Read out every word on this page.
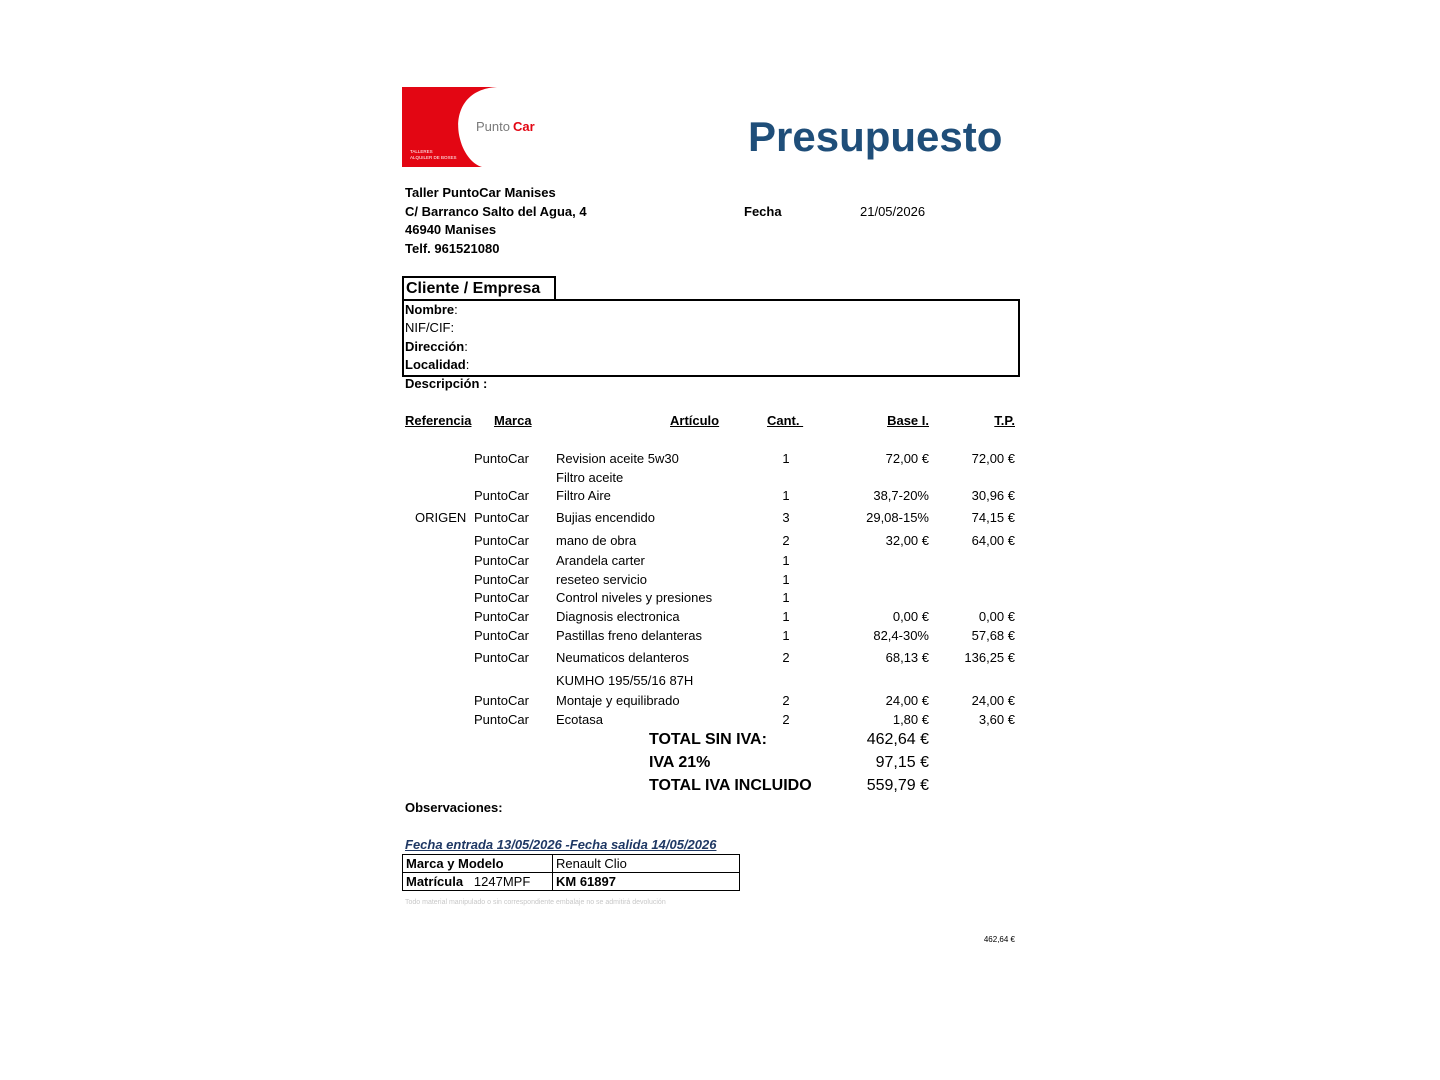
Punto Car
TALLERES
ALQUILER DE BOXES	Presupuesto
Taller PuntoCar Manises
C/ Barranco Salto del Agua, 4
46940 Manises
Telf. 961521080
Fecha	21/05/2026
Cliente / Empresa
Nombre:
NIF/CIF:
Dirección:
Localidad:
Descripción :
Referencia Marca	Artículo	Cant.	Base I.	T.P.
PuntoCar Revision aceite 5w30	1	72,00 €	72,00 €
Filtro aceite
PuntoCar Filtro Aire	1	38,7-20%	30,96 €
ORIGEN PuntoCar Bujias encendido	3	29,08-15%	74,15 €
PuntoCar mano de obra	2	32,00 €	64,00 €
PuntoCar Arandela carter	1
PuntoCar reseteo servicio	1
PuntoCar Control niveles y presiones	1
PuntoCar Diagnosis electronica	1	0,00 €	0,00 €
PuntoCar Pastillas freno delanteras	1	82,4-30%	57,68 €
PuntoCar Neumaticos delanteros	2	68,13 €	136,25 €
KUMHO 195/55/16 87H
PuntoCar Montaje y equilibrado	2	24,00 €	24,00 €
PuntoCar Ecotasa	2	1,80 €	3,60 €
TOTAL SIN IVA:	462,64 €
IVA 21%	97,15 €
TOTAL IVA INCLUIDO	559,79 €
Observaciones:
Fecha entrada 13/05/2026 -Fecha salida 14/05/2026
Marca y Modelo	Renault Clio
Matrícula 1247MPF	KM 61897
Todo material manipulado o sin correspondiente embalaje no se admitirá devolución
462,64 €
